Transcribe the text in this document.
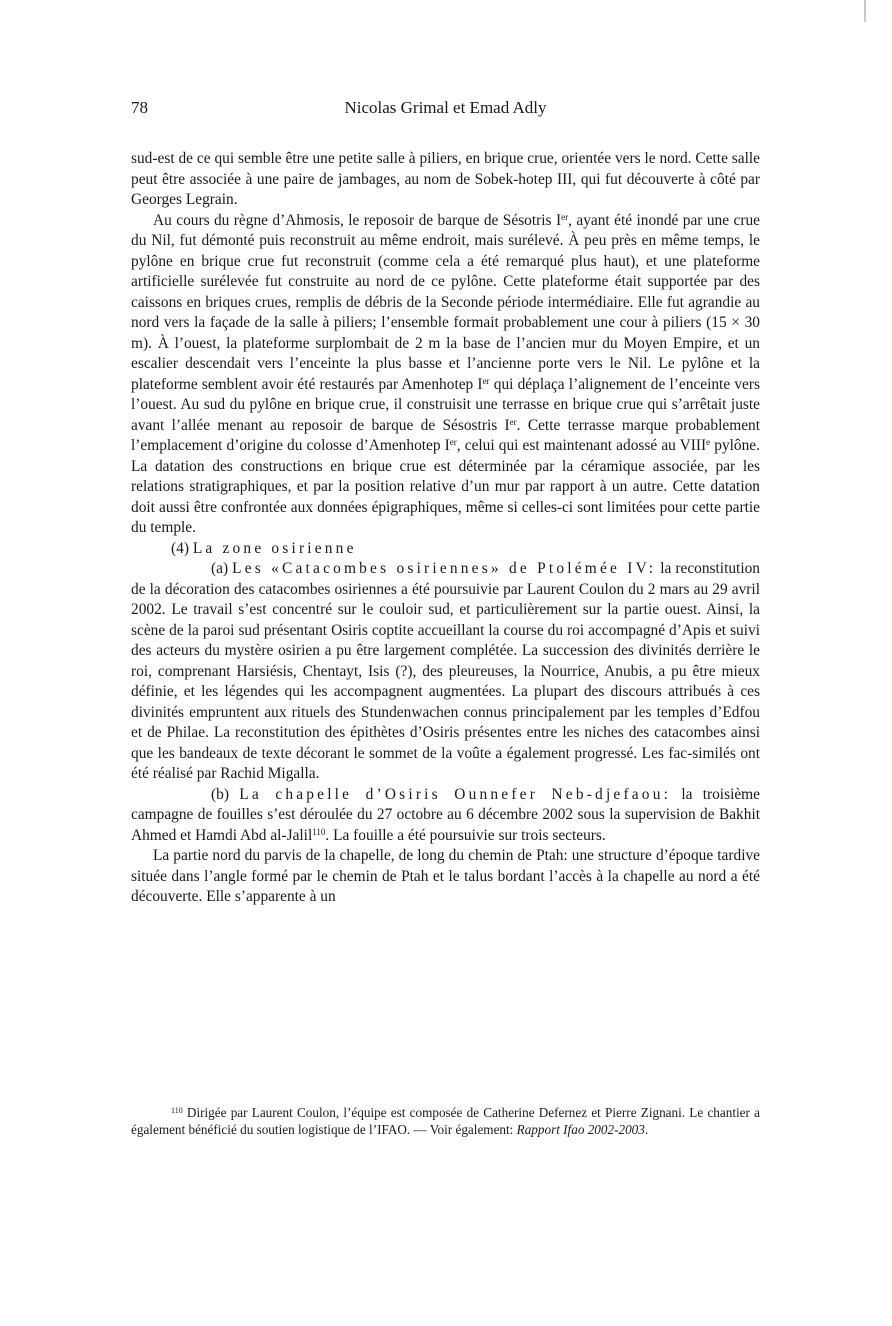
78	Nicolas Grimal et Emad Adly

sud-est de ce qui semble être une petite salle à piliers, en brique crue, orientée vers le nord. Cette salle peut être associée à une paire de jambages, au nom de Sobek-hotep III, qui fut découverte à côté par Georges Legrain.

Au cours du règne d’Ahmosis, le reposoir de barque de Sésotris Ier, ayant été inondé par une crue du Nil, fut démonté puis reconstruit au même endroit, mais surélevé. À peu près en même temps, le pylône en brique crue fut reconstruit (comme cela a été remarqué plus haut), et une plateforme artificielle surélevée fut construite au nord de ce pylône. Cette plateforme était supportée par des caissons en briques crues, remplis de débris de la Seconde période intermédiaire. Elle fut agrandie au nord vers la façade de la salle à piliers; l’ensemble formait probablement une cour à piliers (15 × 30 m). À l’ouest, la plateforme surplombait de 2 m la base de l’ancien mur du Moyen Empire, et un escalier descendait vers l’enceinte la plus basse et l’ancienne porte vers le Nil. Le pylône et la plateforme semblent avoir été restaurés par Amenhotep Ier qui déplaça l’alignement de l’enceinte vers l’ouest. Au sud du pylône en brique crue, il construisit une terrasse en brique crue qui s’arrêtait juste avant l’allée menant au reposoir de barque de Sésostris Ier. Cette terrasse marque probablement l’emplacement d’origine du colosse d’Amenhotep Ier, celui qui est maintenant adossé au VIIIe pylône. La datation des constructions en brique crue est déterminée par la céramique associée, par les relations stratigraphiques, et par la position relative d’un mur par rapport à un autre. Cette datation doit aussi être confrontée aux données épigraphiques, même si celles-ci sont limitées pour cette partie du temple.

(4) La zone osirienne

(a) Les «Catacombes osiriennes» de Ptolémée IV: la reconstitution de la décoration des catacombes osiriennes a été poursuivie par Laurent Coulon du 2 mars au 29 avril 2002. Le travail s’est concentré sur le couloir sud, et particulièrement sur la partie ouest. Ainsi, la scène de la paroi sud présentant Osiris coptite accueillant la course du roi accompagné d’Apis et suivi des acteurs du mystère osirien a pu être largement complétée. La succession des divinités derrière le roi, comprenant Harsiésis, Chentayt, Isis (?), des pleureuses, la Nourrice, Anubis, a pu être mieux définie, et les légendes qui les accompagnent augmentées. La plupart des discours attribués à ces divinités empruntent aux rituels des Stundenwachen connus principalement par les temples d’Edfou et de Philae. La reconstitution des épithètes d’Osiris présentes entre les niches des catacombes ainsi que les bandeaux de texte décorant le sommet de la voûte a également progressé. Les fac-similés ont été réalisé par Rachid Migalla.

(b) La chapelle d’Osiris Ounnefer Neb-djefaou: la troisième campagne de fouilles s’est déroulée du 27 octobre au 6 décembre 2002 sous la supervision de Bakhit Ahmed et Hamdi Abd al-Jalil$^{110}$. La fouille a été poursuivie sur trois secteurs.

La partie nord du parvis de la chapelle, de long du chemin de Ptah: une structure d’époque tardive située dans l’angle formé par le chemin de Ptah et le talus bordant l’accès à la chapelle au nord a été découverte. Elle s’apparente à un

$^{110}$ Dirigée par Laurent Coulon, l’équipe est composée de Catherine Defernez et Pierre Zignani. Le chantier a également bénéficié du soutien logistique de l’IFAO. — Voir également: Rapport Ifao 2002-2003.
